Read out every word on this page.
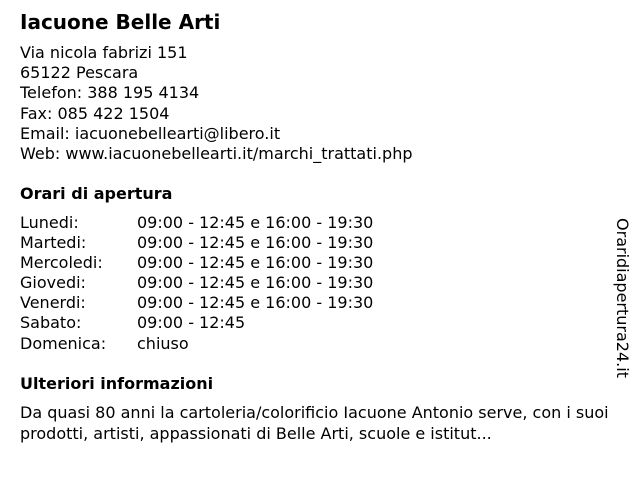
Iacuone Belle Arti
Via nicola fabrizi 151
65122 Pescara
Telefon: 388 195 4134
Fax: 085 422 1504
Email: iacuonebellearti@libero.it
Web: www.iacuonebellearti.it/marchi_trattati.php
Orari di apertura
Lunedi:	09:00 - 12:45 e 16:00 - 19:30
Martedi:	09:00 - 12:45 e 16:00 - 19:30
Mercoledi: 09:00 - 12:45 e 16:00 - 19:30
Giovedi:	09:00 - 12:45 e 16:00 - 19:30
Venerdi:	09:00 - 12:45 e 16:00 - 19:30
Sabato:	09:00 - 12:45
Domenica: chiuso
Ulteriori informazioni

Da quasi 80 anni la cartoleria/colorificio Iacuone Antonio serve, con i suoi prodotti, artisti, appassionati di Belle Arti, scuole e istitut...

Oraridiapertura24.it
